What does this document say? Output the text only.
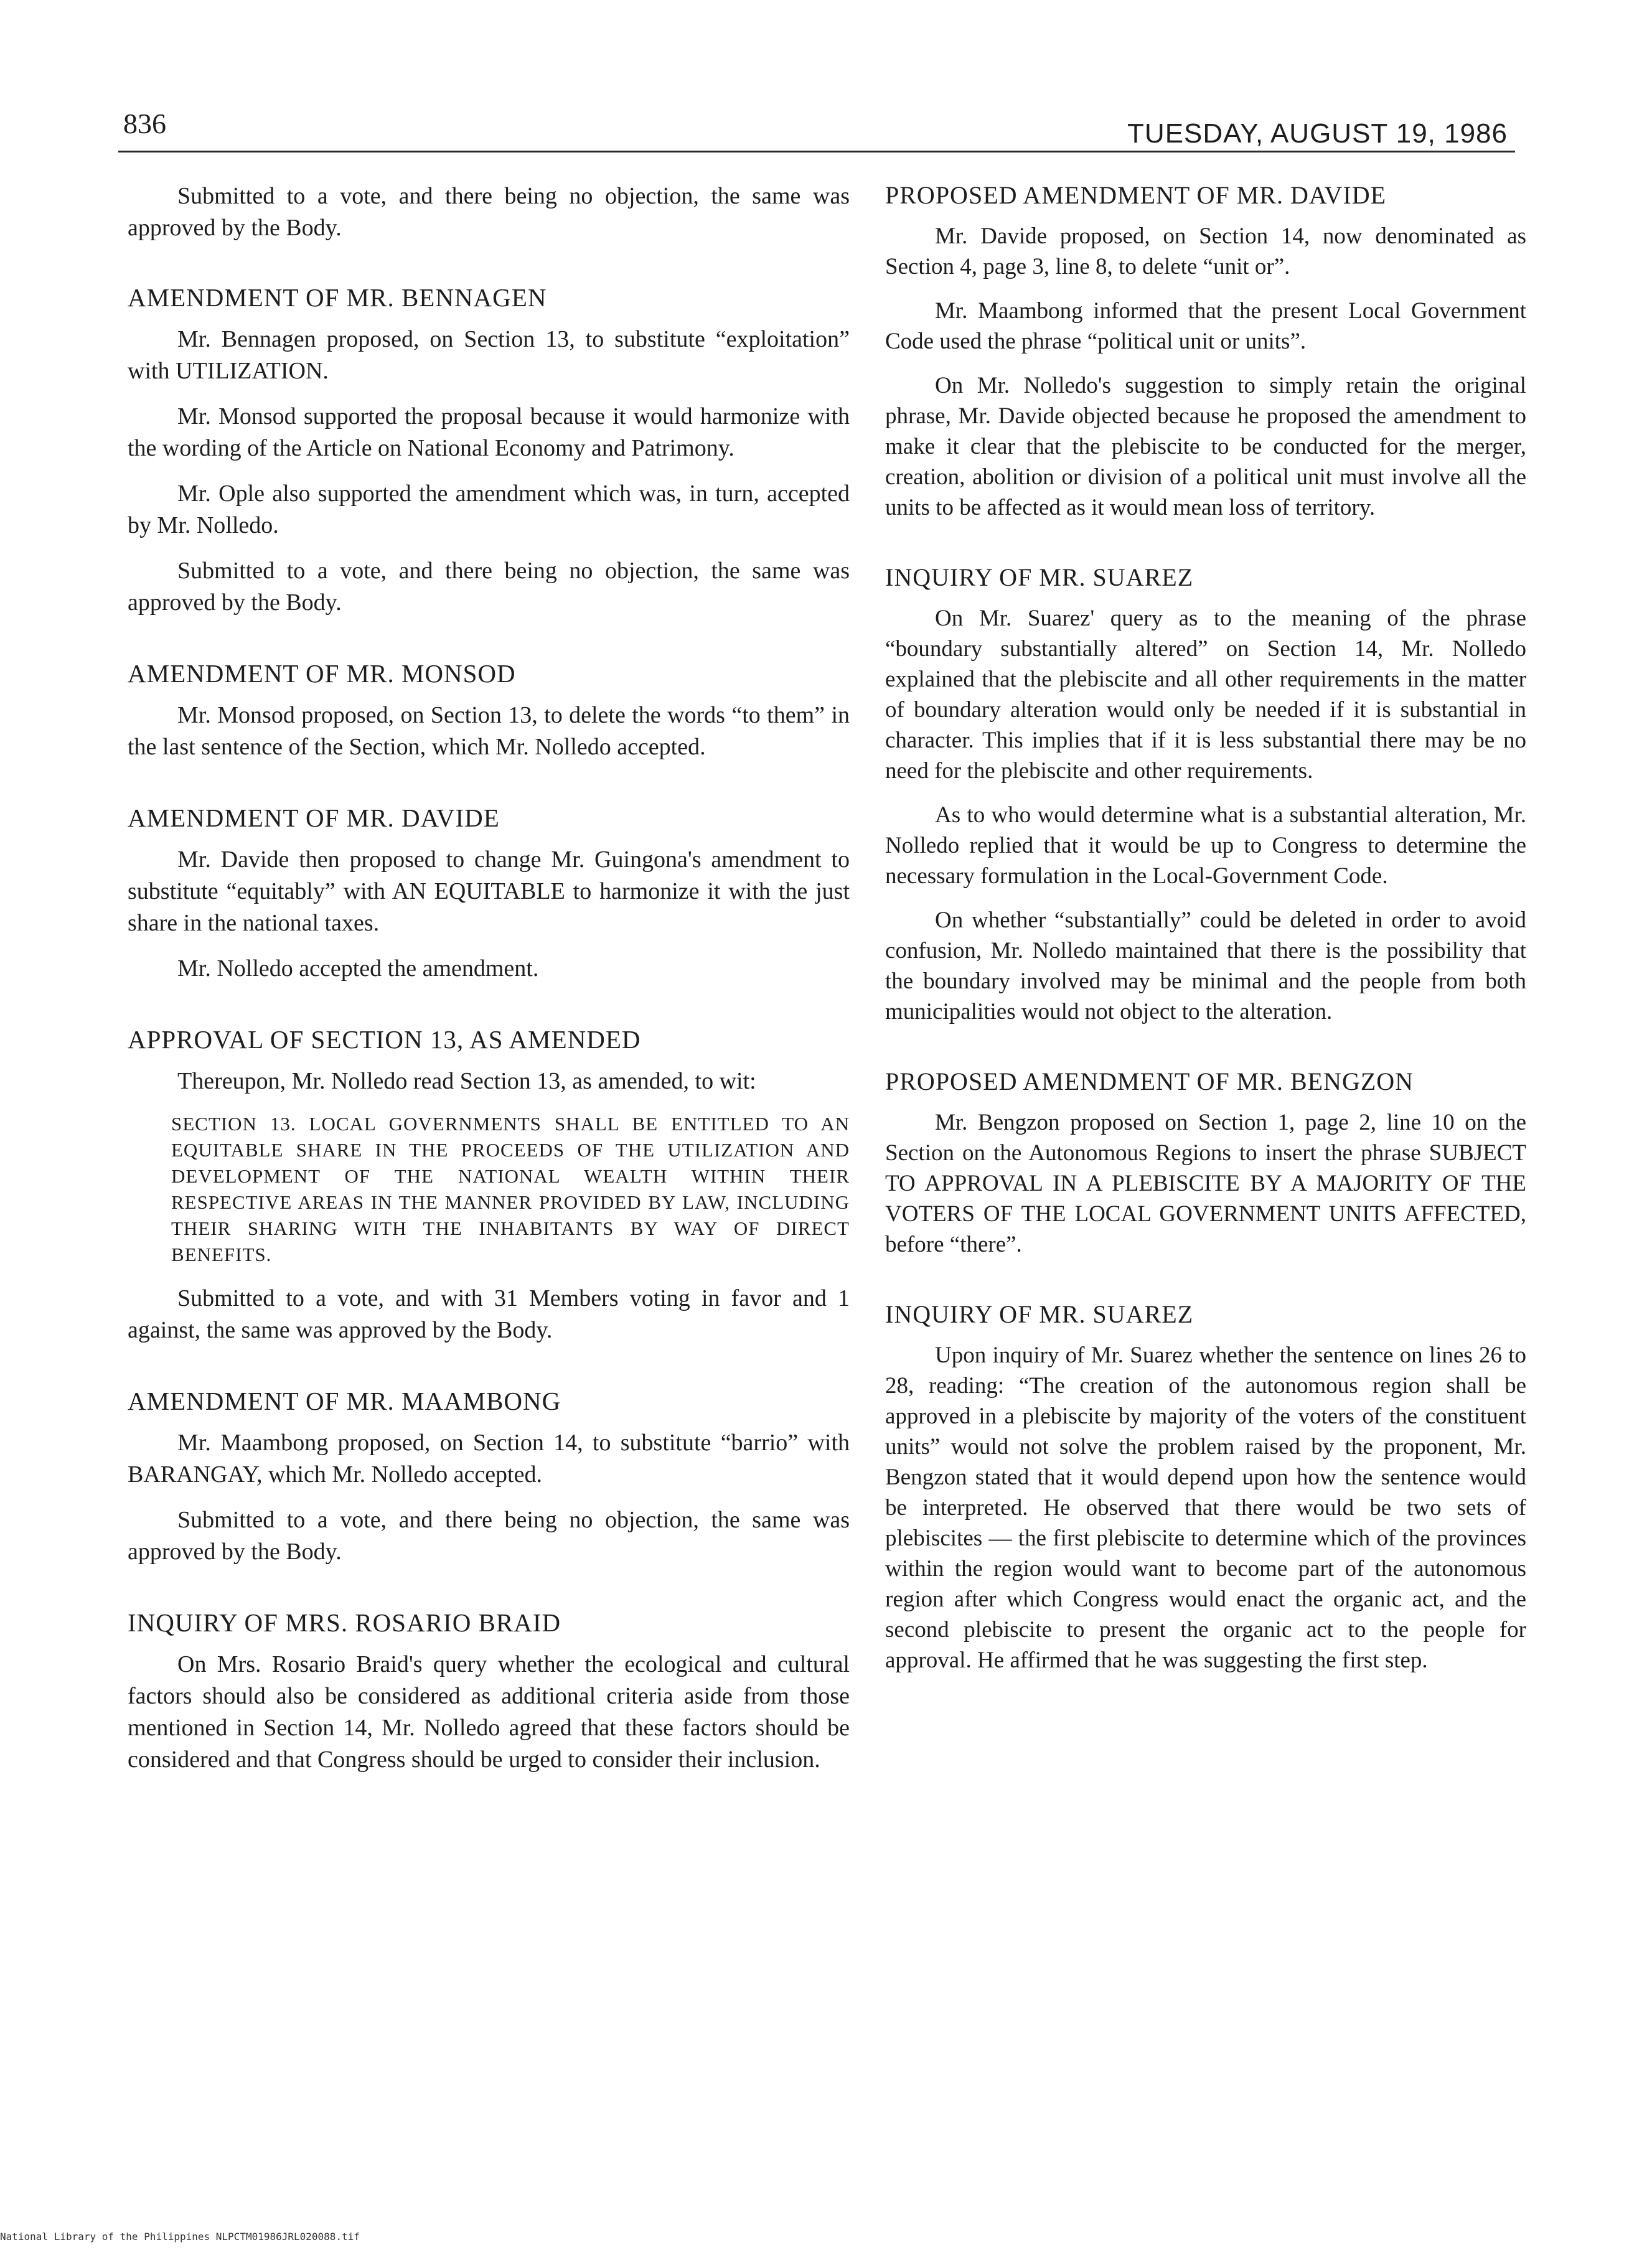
836	TUESDAY, AUGUST 19, 1986

Submitted to a vote, and there being no objection, the same was approved by the Body.

AMENDMENT OF MR. BENNAGEN

Mr. Bennagen proposed, on Section 13, to substitute “exploitation” with UTILIZATION.

Mr. Monsod supported the proposal because it would harmonize with the wording of the Article on National Economy and Patrimony.

Mr. Ople also supported the amendment which was, in turn, accepted by Mr. Nolledo.

Submitted to a vote, and there being no objection, the same was approved by the Body.

AMENDMENT OF MR. MONSOD

Mr. Monsod proposed, on Section 13, to delete the words “to them” in the last sentence of the Section, which Mr. Nolledo accepted.

AMENDMENT OF MR. DAVIDE

Mr. Davide then proposed to change Mr. Guingona's amendment to substitute “equitably” with AN EQUITABLE to harmonize it with the just share in the national taxes.

Mr. Nolledo accepted the amendment.

APPROVAL OF SECTION 13, AS AMENDED

Thereupon, Mr. Nolledo read Section 13, as amended, to wit:

SECTION 13. LOCAL GOVERNMENTS SHALL BE ENTITLED TO AN EQUITABLE SHARE IN THE PROCEEDS OF THE UTILIZATION AND DEVELOPMENT OF THE NATIONAL WEALTH WITHIN THEIR RESPECTIVE AREAS IN THE MANNER PROVIDED BY LAW, INCLUDING THEIR SHARING WITH THE INHABITANTS BY WAY OF DIRECT BENEFITS.

Submitted to a vote, and with 31 Members voting in favor and 1 against, the same was approved by the Body.

AMENDMENT OF MR. MAAMBONG

Mr. Maambong proposed, on Section 14, to substitute “barrio” with BARANGAY, which Mr. Nolledo accepted.

Submitted to a vote, and there being no objection, the same was approved by the Body.

INQUIRY OF MRS. ROSARIO BRAID

On Mrs. Rosario Braid's query whether the ecological and cultural factors should also be considered as additional criteria aside from those mentioned in Section 14, Mr. Nolledo agreed that these factors should be considered and that Congress should be urged to consider their inclusion.

PROPOSED AMENDMENT OF MR. DAVIDE

Mr. Davide proposed, on Section 14, now denominated as Section 4, page 3, line 8, to delete “unit or”.

Mr. Maambong informed that the present Local Government Code used the phrase “political unit or units”.

On Mr. Nolledo's suggestion to simply retain the original phrase, Mr. Davide objected because he proposed the amendment to make it clear that the plebiscite to be conducted for the merger, creation, abolition or division of a political unit must involve all the units to be affected as it would mean loss of territory.

INQUIRY OF MR. SUAREZ

On Mr. Suarez' query as to the meaning of the phrase “boundary substantially altered” on Section 14, Mr. Nolledo explained that the plebiscite and all other requirements in the matter of boundary alteration would only be needed if it is substantial in character. This implies that if it is less substantial there may be no need for the plebiscite and other requirements.

As to who would determine what is a substantial alteration, Mr. Nolledo replied that it would be up to Congress to determine the necessary formulation in the Local-Government Code.

On whether “substantially” could be deleted in order to avoid confusion, Mr. Nolledo maintained that there is the possibility that the boundary involved may be minimal and the people from both municipalities would not object to the alteration.

PROPOSED AMENDMENT OF MR. BENGZON

Mr. Bengzon proposed on Section 1, page 2, line 10 on the Section on the Autonomous Regions to insert the phrase SUBJECT TO APPROVAL IN A PLEBISCITE BY A MAJORITY OF THE VOTERS OF THE LOCAL GOVERNMENT UNITS AFFECTED, before “there”.

INQUIRY OF MR. SUAREZ

Upon inquiry of Mr. Suarez whether the sentence on lines 26 to 28, reading: “The creation of the autonomous region shall be approved in a plebiscite by majority of the voters of the constituent units” would not solve the problem raised by the proponent, Mr. Bengzon stated that it would depend upon how the sentence would be interpreted. He observed that there would be two sets of plebiscites — the first plebiscite to determine which of the provinces within the region would want to become part of the autonomous region after which Congress would enact the organic act, and the second plebiscite to present the organic act to the people for approval. He affirmed that he was suggesting the first step.

National Library of the Philippines NLPCTM01986JRL020088.tif
